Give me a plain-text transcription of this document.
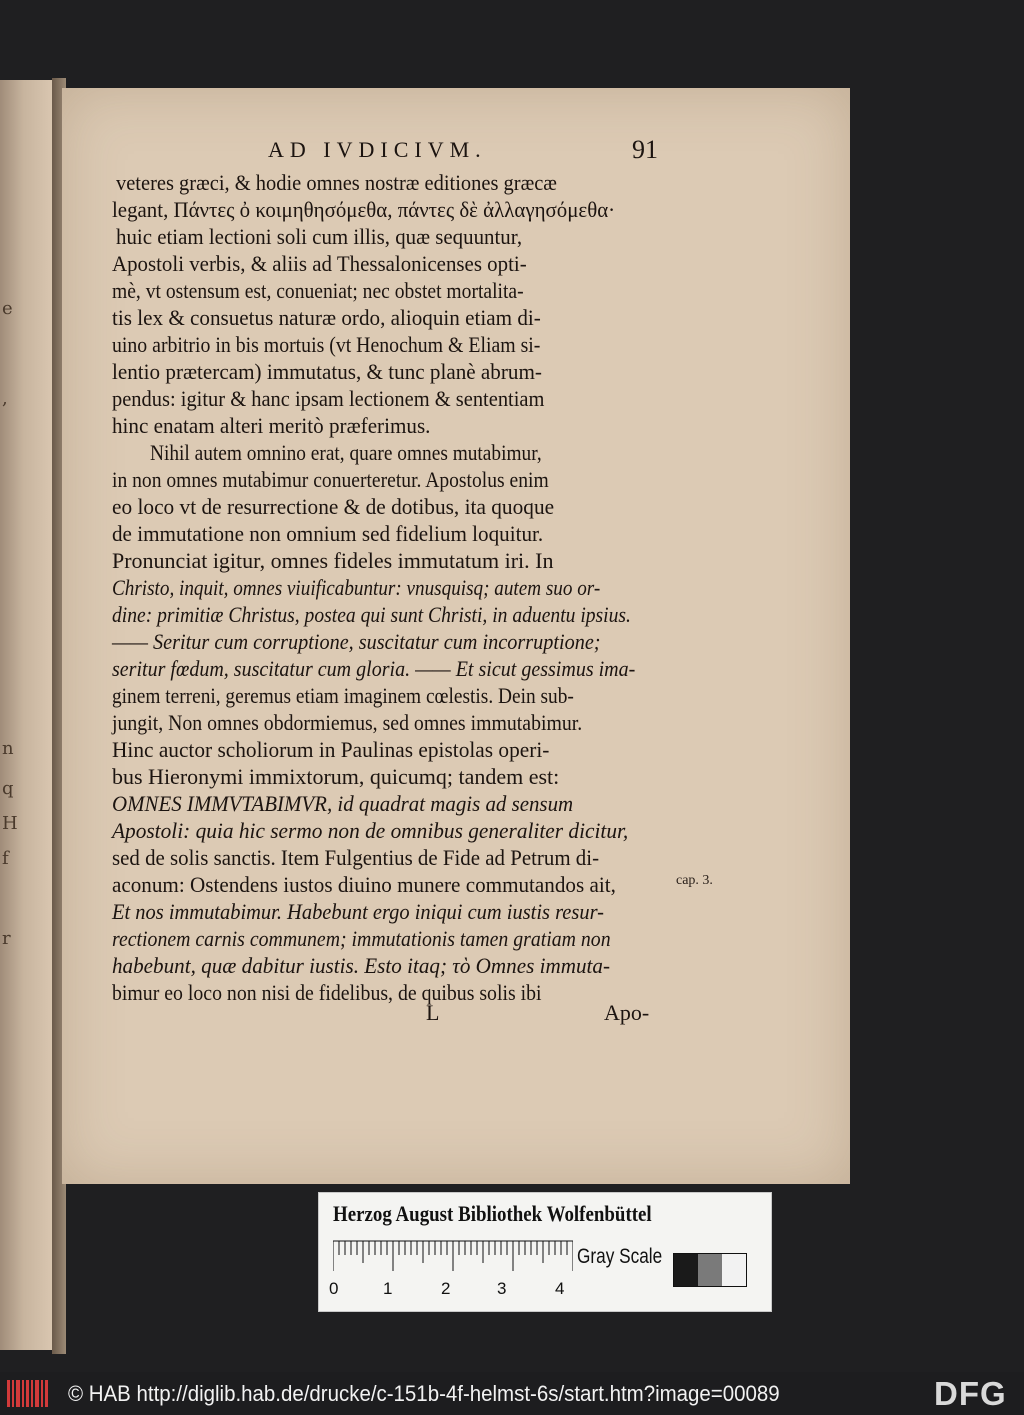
e
,
n
q
H
f
r
AD IVDICIVM.	91
veteres græci, & hodie omnes nostræ editiones græcæ
legant, Πάντες ὀ κοιμηθησόμεθα, πάντες δὲ ἀλλαγησόμεθα·
huic etiam lectioni soli cum illis, quæ sequuntur,
Apostoli verbis, & aliis ad Thessalonicenses opti-
mè, vt ostensum est, conueniat; nec obstet mortalita-
tis lex & consuetus naturæ ordo, alioquin etiam di-
uino arbitrio in bis mortuis (vt Henochum & Eliam si-
lentio prætercam) immutatus, & tunc planè abrum-
pendus: igitur & hanc ipsam lectionem & sententiam
hinc enatam alteri meritò præferimus.
Nihil autem omnino erat, quare omnes mutabimur,
in non omnes mutabimur conuerteretur. Apostolus enim
eo loco vt de resurrectione & de dotibus, ita quoque
de immutatione non omnium sed fidelium loquitur.
Pronunciat igitur, omnes fideles immutatum iri. In
Christo, inquit, omnes viuificabuntur: vnusquisq; autem suo or-
dine: primitiæ Christus, postea qui sunt Christi, in aduentu ipsius.
—— Seritur cum corruptione, suscitatur cum incorruptione;
seritur fœdum, suscitatur cum gloria. —— Et sicut gessimus ima-
ginem terreni, geremus etiam imaginem cœlestis. Dein sub-
jungit, Non omnes obdormiemus, sed omnes immutabimur.
Hinc auctor scholiorum in Paulinas epistolas operi-
bus Hieronymi immixtorum, quicumq; tandem est:
OMNES IMMVTABIMVR, id quadrat magis ad sensum
Apostoli: quia hic sermo non de omnibus generaliter dicitur,
sed de solis sanctis. Item Fulgentius de Fide ad Petrum di-
aconum: Ostendens iustos diuino munere commutandos ait,
Et nos immutabimur. Habebunt ergo iniqui cum iustis resur-
rectionem carnis communem; immutationis tamen gratiam non
habebunt, quæ dabitur iustis. Esto itaq; τὸ Omnes immuta-
bimur eo loco non nisi de fidelibus, de quibus solis ibi
cap. 3.
L	Apo-
Herzog August Bibliothek Wolfenbüttel
0	1	2	3	4
Gray Scale
© HAB http://diglib.hab.de/drucke/c-151b-4f-helmst-6s/start.htm?image=00089	DFG
